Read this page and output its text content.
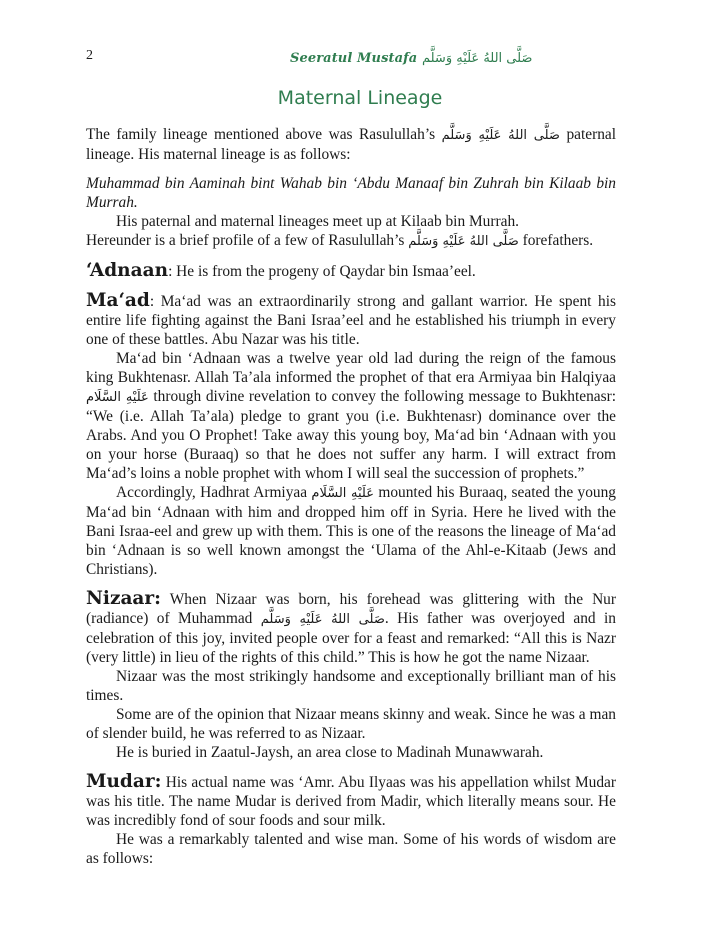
2	Seeratul Mustafa صَلَّى اللهُ عَلَيْهِ وَسَلَّم
Maternal Lineage

The family lineage mentioned above was Rasulullah’s صَلَّى اللهُ عَلَيْهِ وَسَلَّم paternal lineage. His maternal lineage is as follows:

Muhammad bin Aaminah bint Wahab bin ‘Abdu Manaaf bin Zuhrah bin Kilaab bin Murrah.

His paternal and maternal lineages meet up at Kilaab bin Murrah.

Hereunder is a brief profile of a few of Rasulullah’s صَلَّى اللهُ عَلَيْهِ وَسَلَّم forefathers.

‘Adnaan: He is from the progeny of Qaydar bin Ismaa’eel.

Ma‘ad: Ma‘ad was an extraordinarily strong and gallant warrior. He spent his entire life fighting against the Bani Israa’eel and he established his triumph in every one of these battles. Abu Nazar was his title.

Ma‘ad bin ‘Adnaan was a twelve year old lad during the reign of the famous king Bukhtenasr. Allah Ta’ala informed the prophet of that era Armiyaa bin Halqiyaa عَلَيْهِ السَّلَام through divine revelation to convey the following message to Bukhtenasr: “We (i.e. Allah Ta’ala) pledge to grant you (i.e. Bukhtenasr) dominance over the Arabs. And you O Prophet! Take away this young boy, Ma‘ad bin ‘Adnaan with you on your horse (Buraaq) so that he does not suffer any harm. I will extract from Ma‘ad’s loins a noble prophet with whom I will seal the succession of prophets.”

Accordingly, Hadhrat Armiyaa عَلَيْهِ السَّلَام mounted his Buraaq, seated the young Ma‘ad bin ‘Adnaan with him and dropped him off in Syria. Here he lived with the Bani Israa-eel and grew up with them. This is one of the reasons the lineage of Ma‘ad bin ‘Adnaan is so well known amongst the ‘Ulama of the Ahl-e-Kitaab (Jews and Christians).

Nizaar: When Nizaar was born, his forehead was glittering with the Nur (radiance) of Muhammad صَلَّى اللهُ عَلَيْهِ وَسَلَّم. His father was overjoyed and in celebration of this joy, invited people over for a feast and remarked: “All this is Nazr (very little) in lieu of the rights of this child.” This is how he got the name Nizaar.

Nizaar was the most strikingly handsome and exceptionally brilliant man of his times.

Some are of the opinion that Nizaar means skinny and weak. Since he was a man of slender build, he was referred to as Nizaar.

He is buried in Zaatul-Jaysh, an area close to Madinah Munawwarah.

Mudar: His actual name was ‘Amr. Abu Ilyaas was his appellation whilst Mudar was his title. The name Mudar is derived from Madir, which literally means sour. He was incredibly fond of sour foods and sour milk.

He was a remarkably talented and wise man. Some of his words of wisdom are as follows:
